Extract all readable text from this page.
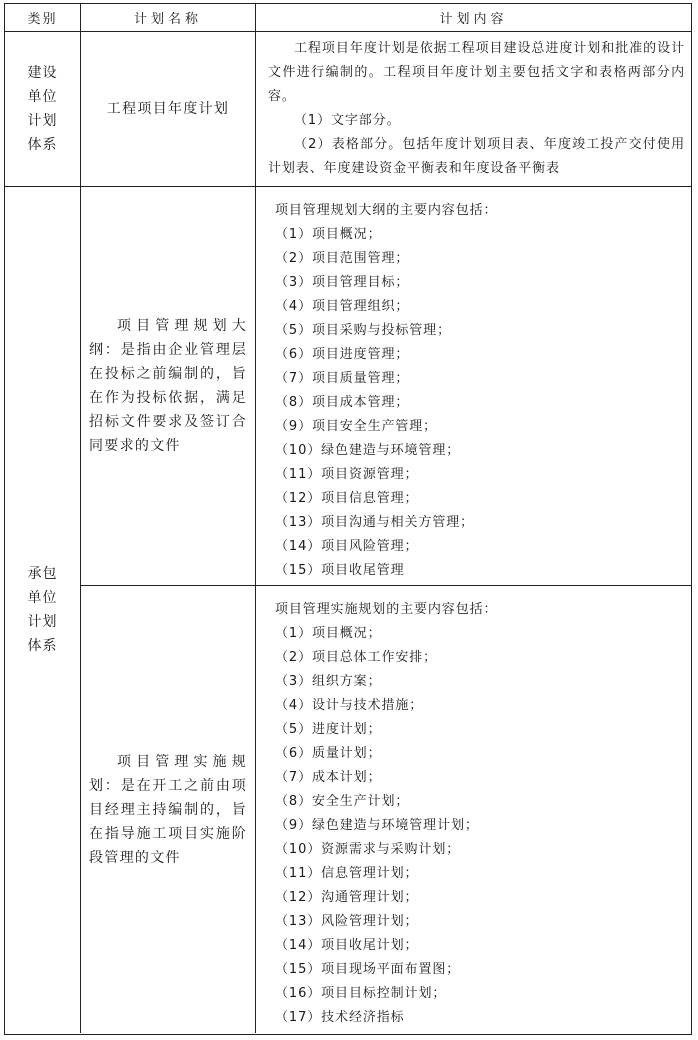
类别	计划名称	计划内容
建设单位计划体系
工程项目年度计划

工程项目年度计划是依据工程项目建设总进度计划和批准的设计文件进行编制的。工程项目年度计划主要包括文字和表格两部分内容。

（1）文字部分。

（2）表格部分。包括年度计划项目表、年度竣工投产交付使用计划表、年度建设资金平衡表和年度设备平衡表

承包单位计划体系
项目管理规划大纲：是指由企业管理层在投标之前编制的，旨在作为投标依据，满足招标文件要求及签订合同要求的文件
项目管理规划大纲的主要内容包括：
（1）项目概况；
（2）项目范围管理；
（3）项目管理目标；
（4）项目管理组织；
（5）项目采购与投标管理；
（6）项目进度管理；
（7）项目质量管理；
（8）项目成本管理；
（9）项目安全生产管理；
（10）绿色建造与环境管理；
（11）项目资源管理；
（12）项目信息管理；
（13）项目沟通与相关方管理；
（14）项目风险管理；
（15）项目收尾管理
项目管理实施规划：是在开工之前由项目经理主持编制的，旨在指导施工项目实施阶段管理的文件
项目管理实施规划的主要内容包括：
（1）项目概况；
（2）项目总体工作安排；
（3）组织方案；
（4）设计与技术措施；
（5）进度计划；
（6）质量计划；
（7）成本计划；
（8）安全生产计划；
（9）绿色建造与环境管理计划；
（10）资源需求与采购计划；
（11）信息管理计划；
（12）沟通管理计划；
（13）风险管理计划；
（14）项目收尾计划；
（15）项目现场平面布置图；
（16）项目目标控制计划；
（17）技术经济指标
